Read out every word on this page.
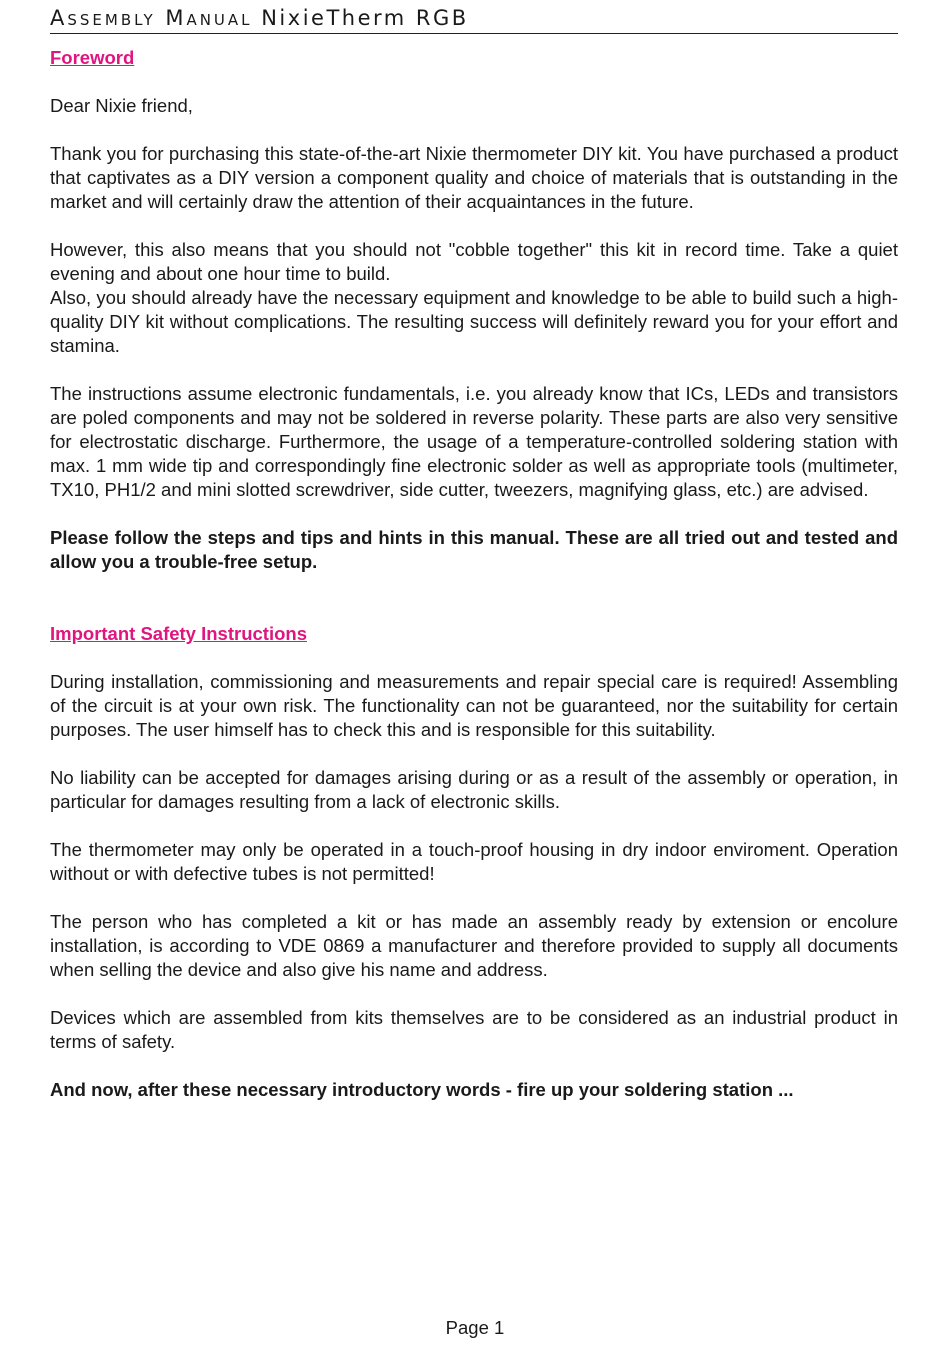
Assembly Manual NixieTherm RGB
Foreword

Dear Nixie friend,

Thank you for purchasing this state-of-the-art Nixie thermometer DIY kit. You have purchased a product that captivates as a DIY version a component quality and choice of materials that is outstanding in the market and will certainly draw the attention of their acquaintances in the future.

However, this also means that you should not "cobble together" this kit in record time. Take a quiet evening and about one hour time to build.

Also, you should already have the necessary equipment and knowledge to be able to build such a high-quality DIY kit without complications. The resulting success will definitely reward you for your effort and stamina.

The instructions assume electronic fundamentals, i.e. you already know that ICs, LEDs and transistors are poled components and may not be soldered in reverse polarity. These parts are also very sensitive for electrostatic discharge. Furthermore, the usage of a temperature-controlled soldering station with max. 1 mm wide tip and correspondingly fine electronic solder as well as appropriate tools (multimeter, TX10, PH1/2 and mini slotted screwdriver, side cutter, tweezers, magnifying glass, etc.) are advised.

Please follow the steps and tips and hints in this manual. These are all tried out and tested and allow you a trouble-free setup.

Important Safety Instructions

During installation, commissioning and measurements and repair special care is required! Assembling of the circuit is at your own risk. The functionality can not be guaranteed, nor the suitability for certain purposes. The user himself has to check this and is responsible for this suitability.

No liability can be accepted for damages arising during or as a result of the assembly or operation, in particular for damages resulting from a lack of electronic skills.

The thermometer may only be operated in a touch-proof housing in dry indoor enviroment. Operation without or with defective tubes is not permitted!

The person who has completed a kit or has made an assembly ready by extension or encolure installation, is according to VDE 0869 a manufacturer and therefore provided to supply all documents when selling the device and also give his name and address.

Devices which are assembled from kits themselves are to be considered as an industrial product in terms of safety.

And now, after these necessary introductory words - fire up your soldering station ...

Page 1
